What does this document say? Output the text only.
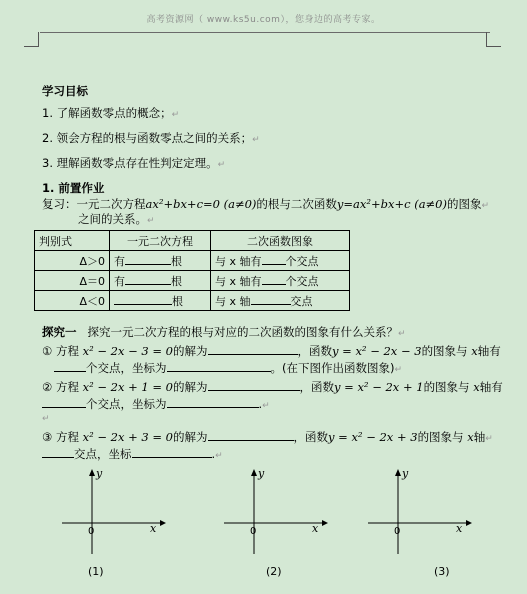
高考资源网（ www.ks5u.com），您身边的高考专家。
学习目标
1. 了解函数零点的概念；↵
2. 领会方程的根与函数零点之间的关系；↵
3. 理解函数零点存在性判定定理。↵
1. 前置作业
复习：一元二次方程ax²+bx+c=0 (a≠0)的根与二次函数y=ax²+bx+c (a≠0)的图象↵
之间的关系。↵
判别式	一元二次方程	二次函数图象
Δ＞0	有 根	与 x 轴有 个交点
Δ＝0	有 根	与 x 轴有 个交点
Δ＜0	根	与 x 轴 交点
探究一 探究一元二次方程的根与对应的二次函数的图象有什么关系？↵
① 方程 x² − 2x − 3 = 0的解为	，函数y = x² − 2x − 3的图象与 x轴有
个交点，坐标为	。(在下图作出函数图象)↵
② 方程 x² − 2x + 1 = 0的解为	，函数y = x² − 2x + 1的图象与 x轴有
个交点，坐标为	.↵
↵
③ 方程 x² − 2x + 3 = 0的解为	，函数y = x² − 2x + 3的图象与 x轴↵
交点，坐标	.↵
y
x
0
(1)
y
x
0
(2)
y
x
0
(3)
